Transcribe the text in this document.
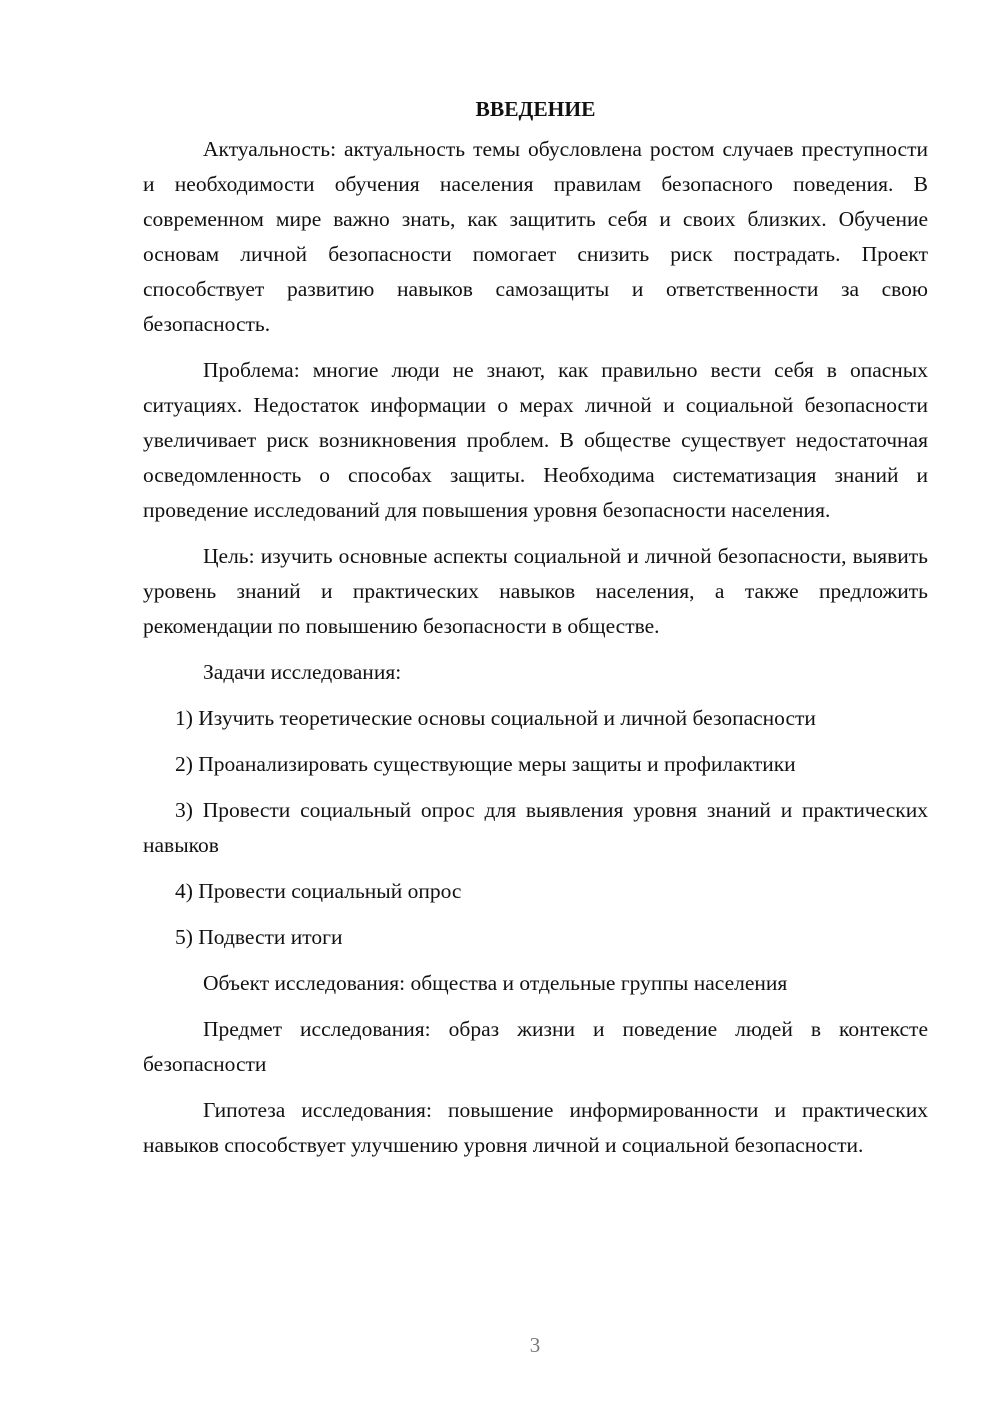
ВВЕДЕНИЕ

Актуальность: актуальность темы обусловлена ростом случаев преступности и необходимости обучения населения правилам безопасного поведения. В современном мире важно знать, как защитить себя и своих близких. Обучение основам личной безопасности помогает снизить риск пострадать. Проект способствует развитию навыков самозащиты и ответственности за свою безопасность.

Проблема: многие люди не знают, как правильно вести себя в опасных ситуациях. Недостаток информации о мерах личной и социальной безопасности увеличивает риск возникновения проблем. В обществе существует недостаточная осведомленность о способах защиты. Необходима систематизация знаний и проведение исследований для повышения уровня безопасности населения.

Цель: изучить основные аспекты социальной и личной безопасности, выявить уровень знаний и практических навыков населения, а также предложить рекомендации по повышению безопасности в обществе.

Задачи исследования:

1) Изучить теоретические основы социальной и личной безопасности

2) Проанализировать существующие меры защиты и профилактики

3) Провести социальный опрос для выявления уровня знаний и практических навыков

4) Провести социальный опрос

5) Подвести итоги

Объект исследования: общества и отдельные группы населения

Предмет исследования: образ жизни и поведение людей в контексте безопасности

Гипотеза исследования: повышение информированности и практических навыков способствует улучшению уровня личной и социальной безопасности.

3
